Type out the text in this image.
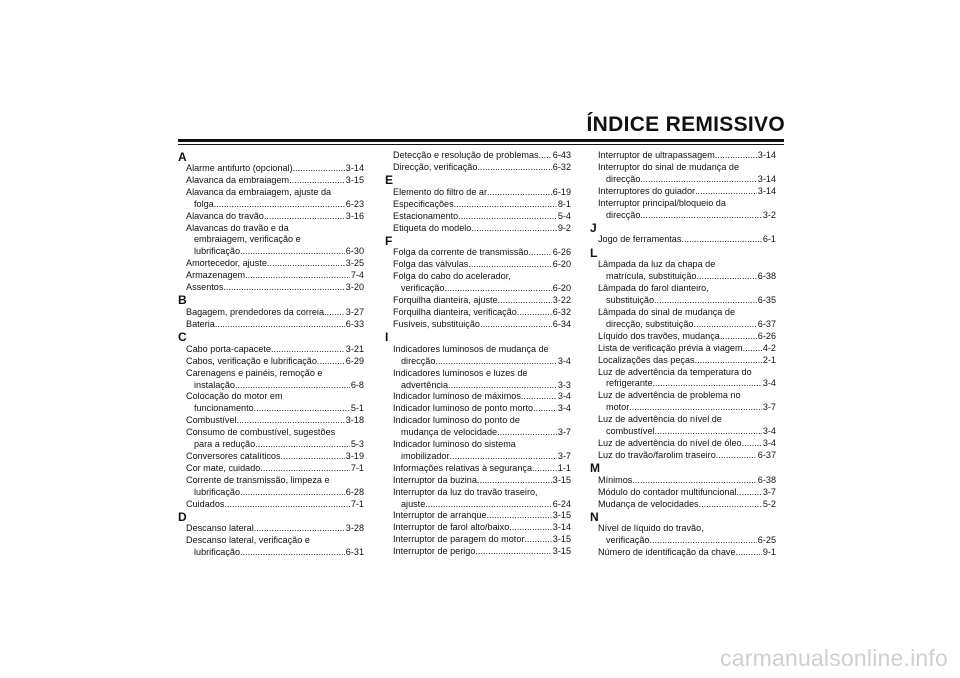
ÍNDICE REMISSIVO
A
Alarme antifurto (opcional) .....	3-14
Alavanca da embraiagem .....	3-15
Alavanca da embraiagem, ajuste da
folga .....	6-23
Alavanca do travão .....	3-16
Alavancas do travão e da
embraiagem, verificação e
lubrificação .....	6-30
Amortecedor, ajuste .....	3-25
Armazenagem .....	7-4
Assentos .....	3-20
B
Bagagem, prendedores da correia ..... 3-27
Bateria .....	6-33
C
Cabo porta-capacete .....	3-21
Cabos, verificação e lubrificação .....	6-29
Carenagens e painéis, remoção e
instalação .....	6-8
Colocação do motor em
funcionamento .....	5-1
Combustível .....	3-18
Consumo de combustível, sugestões
para a redução .....	5-3
Conversores catalíticos .....	3-19
Cor mate, cuidado .....	7-1
Corrente de transmissão, limpeza e
lubrificação .....	6-28
Cuidados .....	7-1
D
Descanso lateral .....	3-28
Descanso lateral, verificação e
lubrificação .....	6-31
Detecção e resolução de problemas ..... 6-43
Direcção, verificação .....	6-32
E
Elemento do filtro de ar .....	6-19
Especificações .....	8-1
Estacionamento .....	5-4
Etiqueta do modelo .....	9-2
F
Folga da corrente de transmissão .....	6-26
Folga das válvulas .....	6-20
Folga do cabo do acelerador,
verificação .....	6-20
Forquilha dianteira, ajuste .....	3-22
Forquilha dianteira, verificação .....	6-32
Fusíveis, substituição .....	6-34
I
Indicadores luminosos de mudança de
direcção .....	3-4
Indicadores luminosos e luzes de
advertência .....	3-3
Indicador luminoso de máximos .....	3-4
Indicador luminoso de ponto morto .....	3-4
Indicador luminoso do ponto de
mudança de velocidade .....	3-7
Indicador luminoso do sistema
imobilizador .....	3-7
Informações relativas à segurança .....	1-1
Interruptor da buzina .....	3-15
Interruptor da luz do travão traseiro,
ajuste .....	6-24
Interruptor de arranque .....	3-15
Interruptor de farol alto/baixo .....	3-14
Interruptor de paragem do motor .....	3-15
Interruptor de perigo .....	3-15
Interruptor de ultrapassagem .....	3-14
Interruptor do sinal de mudança de
direcção .....	3-14
Interruptores do guiador .....	3-14
Interruptor principal/bloqueio da
direcção .....	3-2
J
Jogo de ferramentas .....	6-1
L
Lâmpada da luz da chapa de
matrícula, substituição .....	6-38
Lâmpada do farol dianteiro,
substituição .....	6-35
Lâmpada do sinal de mudança de
direcção, substituição .....	6-37
Líquido dos travões, mudança .....	6-26
Lista de verificação prévia à viagem ..... 4-2
Localizações das peças .....	2-1
Luz de advertência da temperatura do
refrigerante .....	3-4
Luz de advertência de problema no
motor .....	3-7
Luz de advertência do nível de
combustível .....	3-4
Luz de advertência do nível de óleo ..... 3-4
Luz do travão/farolim traseiro .....	6-37
M
Mínimos .....	6-38
Módulo do contador multifuncional .....	3-7
Mudança de velocidades .....	5-2
N
Nível de líquido do travão,
verificação .....	6-25
Número de identificação da chave .....	9-1
carmanualsonline.info
